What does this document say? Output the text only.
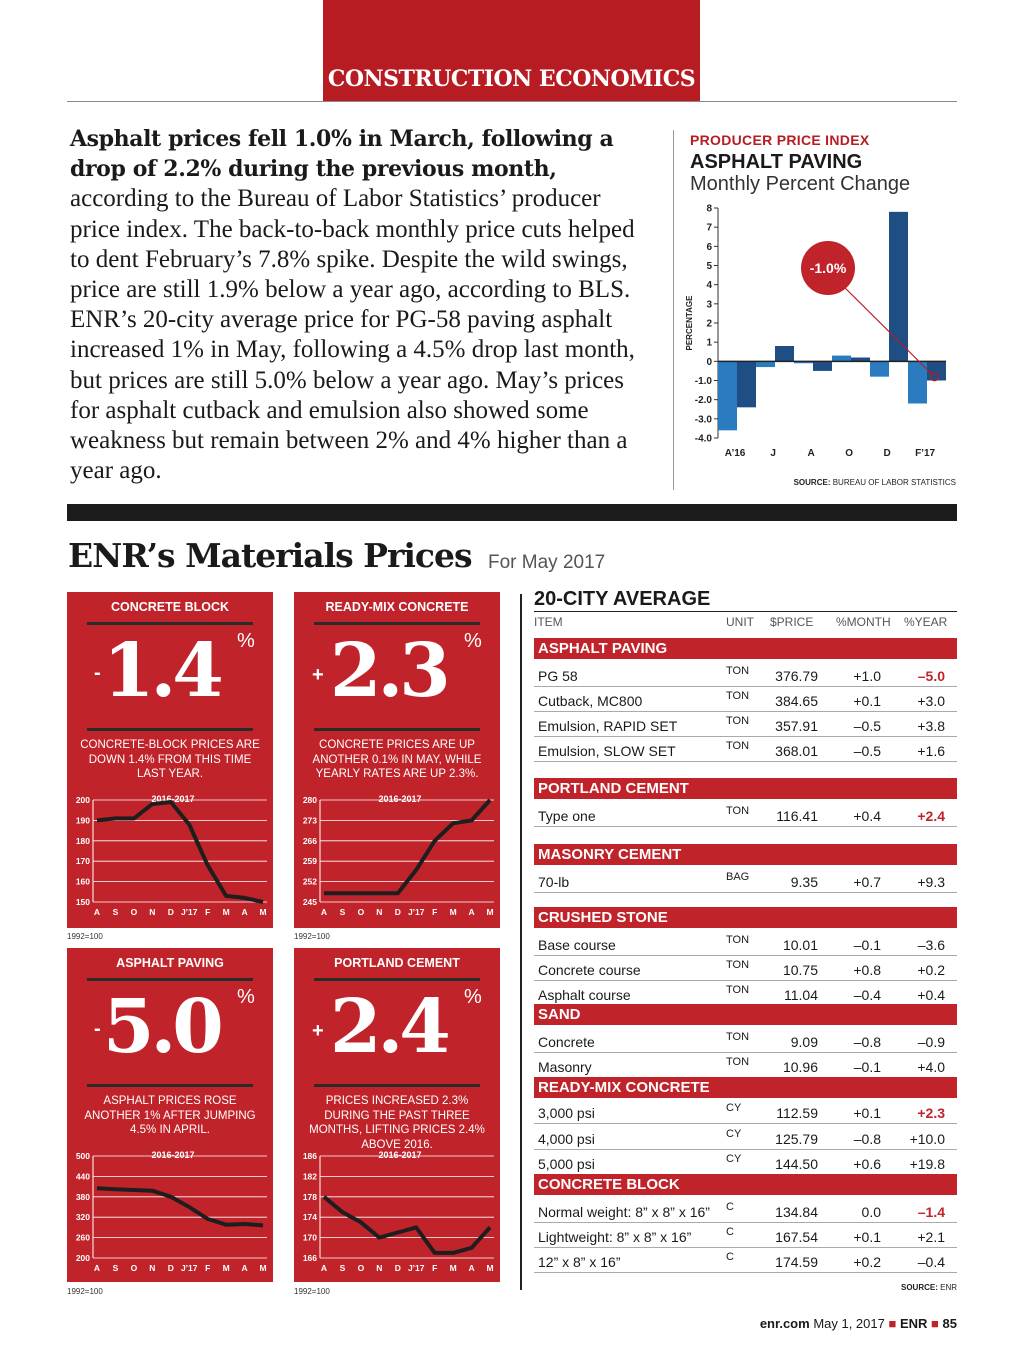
CONSTRUCTION ECONOMICS
Asphalt prices fell 1.0% in March, following a drop of 2.2% during the previous month, according to the Bureau of Labor Statistics’ producer price index. The back-to-back monthly price cuts helped to dent February’s 7.8% spike. Despite the wild swings, price are still 1.9% below a year ago, according to BLS. ENR’s 20-city average price for PG-58 paving asphalt increased 1% in May, following a 4.5% drop last month, but prices are still 5.0% below a year ago. May’s prices for asphalt cutback and emulsion also showed some weakness but remain between 2% and 4% higher than a year ago.
PRODUCER PRICE INDEX
ASPHALT PAVING
Monthly Percent Change
PERCENTAGE
8
7
6
5
4
3
2
1
0
-1.0
-2.0
-3.0
-4.0
A’16 J	A	O	D F’17
-1.0%
SOURCE: BUREAU OF LABOR STATISTICS
ENR’s Materials Prices For May 2017
CONCRETE BLOCK
- 1.4 %
CONCRETE-BLOCK PRICES ARE DOWN 1.4% FROM THIS TIME LAST YEAR.
200
190
180
170
160
150
2016-2017
A S O N D J’17 F M A M
1992=100
READY-MIX CONCRETE
+ 2.3 %
CONCRETE PRICES ARE UP ANOTHER 0.1% IN MAY, WHILE YEARLY RATES ARE UP 2.3%.
280
273
266
259
252
245
2016-2017
A S O N D J’17 F M A M
1992=100
ASPHALT PAVING
- 5.0 %
ASPHALT PRICES ROSE ANOTHER 1% AFTER JUMPING 4.5% IN APRIL.
500
440
380
320
260
200
2016-2017
A S O N D J’17 F M A M
1992=100
PORTLAND CEMENT
+ 2.4 %
PRICES INCREASED 2.3% DURING THE PAST THREE MONTHS, LIFTING PRICES 2.4% ABOVE 2016.
186
182
178
174
170
166
2016-2017
A S O N D J’17 F M A M
1992=100
20-CITY AVERAGE
ITEM	UNIT $PRICE %MONTH %YEAR
ASPHALT PAVING
PG 58	TON 376.79	+1.0	–5.0
Cutback, MC800	TON 384.65	+0.1	+3.0
Emulsion, RAPID SET	TON 357.91	–0.5	+3.8
Emulsion, SLOW SET	TON 368.01	–0.5	+1.6
PORTLAND CEMENT
Type one	TON 116.41	+0.4	+2.4
MASONRY CEMENT
70-lb	BAG	9.35	+0.7	+9.3
CRUSHED STONE
Base course	TON 10.01	–0.1	–3.6
Concrete course	TON 10.75	+0.8	+0.2
Asphalt course	TON 11.04	–0.4	+0.4
SAND
Concrete	TON	9.09	–0.8	–0.9
Masonry	TON 10.96	–0.1	+4.0
READY-MIX CONCRETE
3,000 psi	CY 112.59	+0.1	+2.3
4,000 psi	CY 125.79	–0.8 +10.0
5,000 psi	CY 144.50	+0.6 +19.8
CONCRETE BLOCK
Normal weight: 8” x 8” x 16” C	134.84	0.0	–1.4
Lightweight: 8” x 8” x 16”	C	167.54	+0.1	+2.1
12” x 8” x 16”	C	174.59	+0.2	–0.4
SOURCE: ENR
enr.com May 1, 2017 ■ ENR ■ 85
